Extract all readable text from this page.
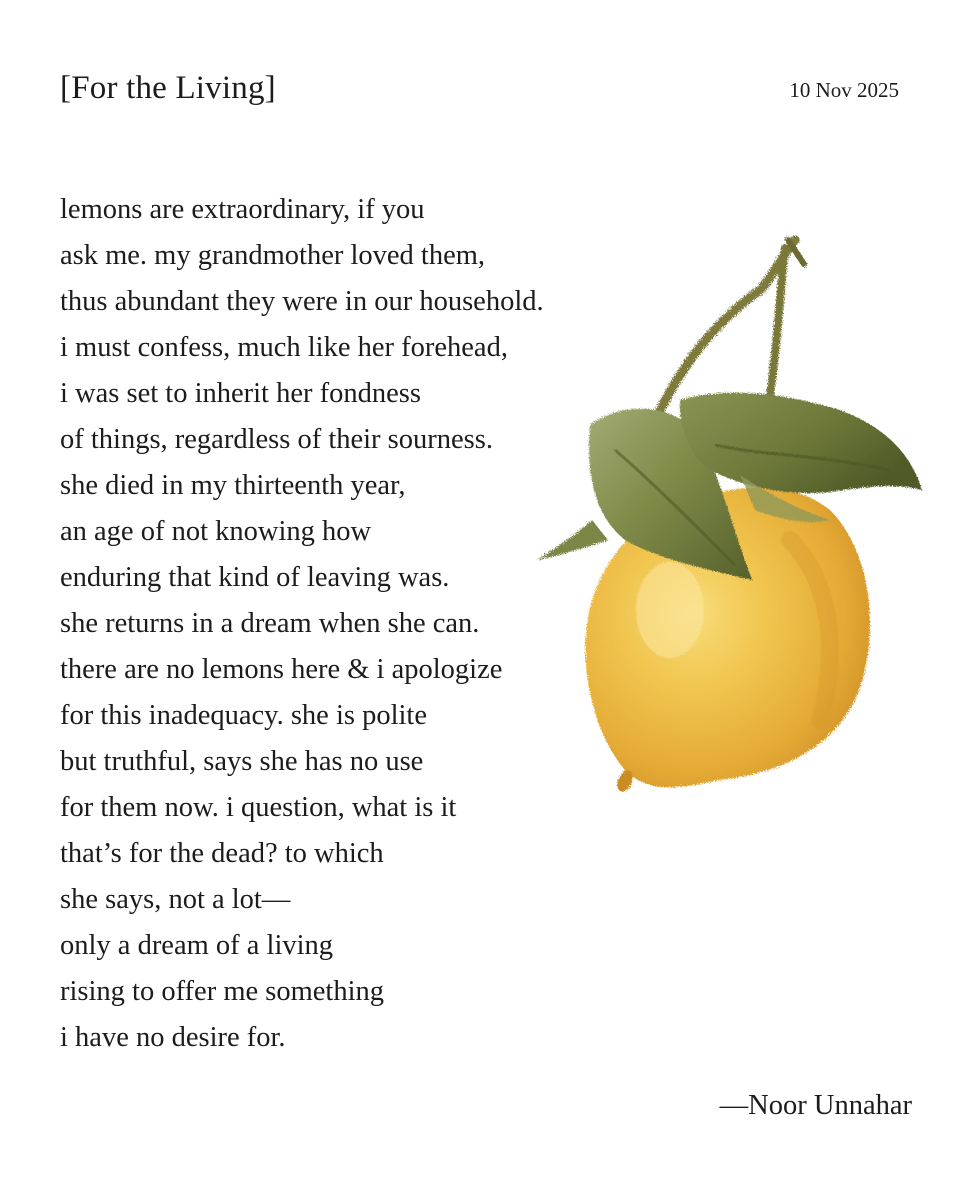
[For the Living]	10 Nov 2025
lemons are extraordinary, if you
ask me. my grandmother loved them,
thus abundant they were in our household.
i must confess, much like her forehead,
i was set to inherit her fondness
of things, regardless of their sourness.
she died in my thirteenth year,
an age of not knowing how
enduring that kind of leaving was.
she returns in a dream when she can.
there are no lemons here & i apologize
for this inadequacy. she is polite
but truthful, says she has no use
for them now. i question, what is it
that’s for the dead? to which
she says, not a lot—
only a dream of a living
rising to offer me something
i have no desire for.
—Noor Unnahar
